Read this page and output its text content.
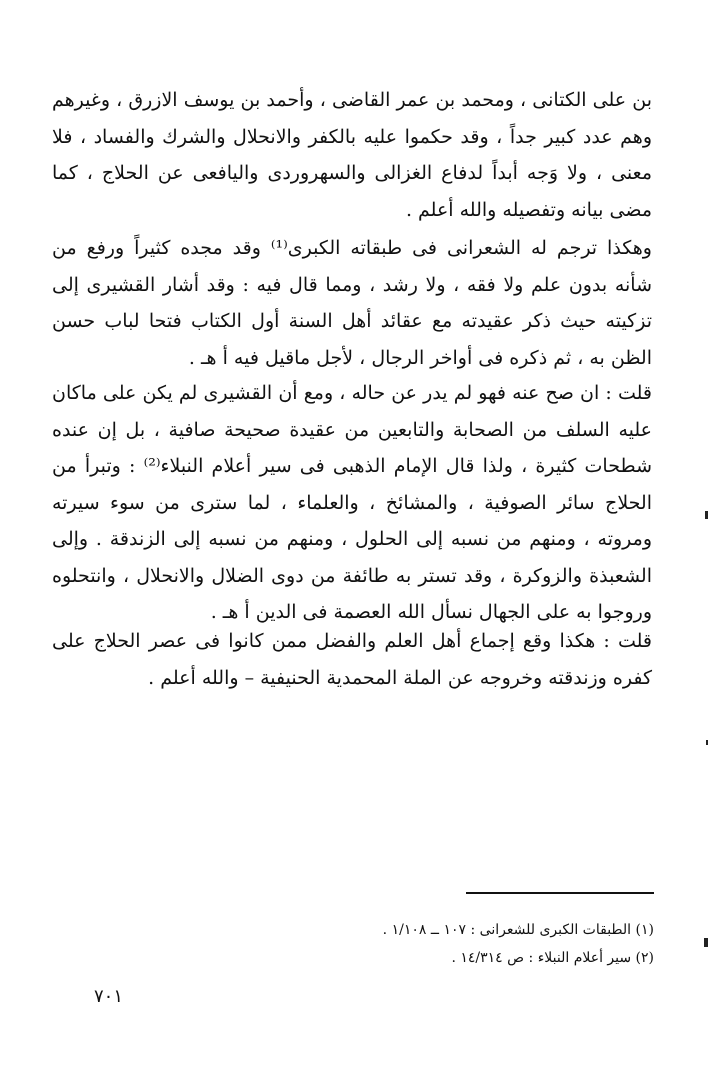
بن على الكتانى ، ومحمد بن عمر القاضى ، وأحمد بن يوسف الازرق ، وغيرهم وهم عدد كبير جداً ، وقد حكموا عليه بالكفر والانحلال والشرك والفساد ، فلا معنى ، ولا وَجه أبداً لدفاع الغزالى والسهروردى واليافعى عن الحلاج ، كما مضى بيانه وتفصيله والله أعلم .

وهكذا ترجم له الشعرانى فى طبقاته الكبرى⁽¹⁾ وقد مجده كثيراً ورفع من شأنه بدون علم ولا فقه ، ولا رشد ، ومما قال فيه : وقد أشار القشيرى إلى تزكيته حيث ذكر عقيدته مع عقائد أهل السنة أول الكتاب فتحا لباب حسن الظن به ، ثم ذكره فى أواخر الرجال ، لأجل ماقيل فيه أ هـ .

قلت : ان صح عنه فهو لم يدر عن حاله ، ومع أن القشيرى لم يكن على ماكان عليه السلف من الصحابة والتابعين من عقيدة صحيحة صافية ، بل إن عنده شطحات كثيرة ، ولذا قال الإمام الذهبى فى سير أعلام النبلاء⁽²⁾ : وتبرأ من الحلاج سائر الصوفية ، والمشائخ ، والعلماء ، لما سترى من سوء سيرته ومروته ، ومنهم من نسبه إلى الحلول ، ومنهم من نسبه إلى الزندقة . وإلى الشعبذة والزوكرة ، وقد تستر به طائفة من دوى الضلال والانحلال ، وانتحلوه وروجوا به على الجهال نسأل الله العصمة فى الدين أ هـ .

قلت : هكذا وقع إجماع أهل العلم والفضل ممن كانوا فى عصر الحلاج على كفره وزندقته وخروجه عن الملة المحمدية الحنيفية – والله أعلم .

(١) الطبقات الكبرى للشعرانى : ١٠٧ ــ ١/١٠٨ .
(٢) سير أعلام النبلاء : ص ١٤/٣١٤ .
٧٠١
